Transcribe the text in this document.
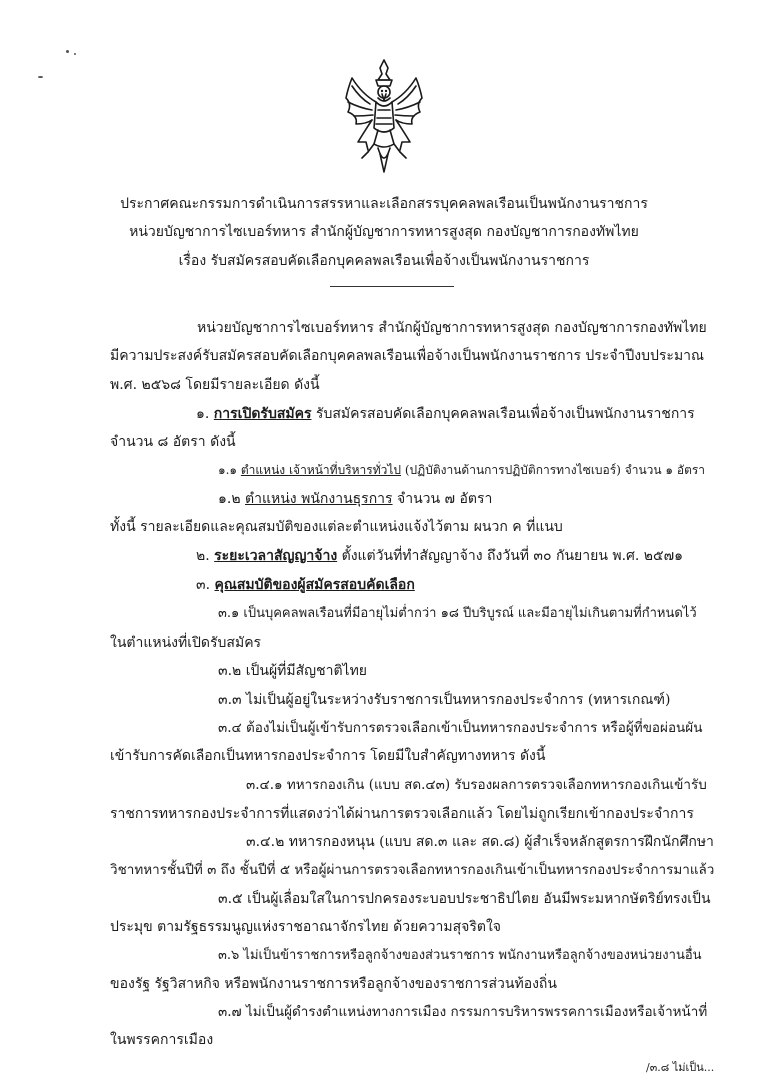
ประกาศคณะกรรมการดำเนินการสรรหาและเลือกสรรบุคคลพลเรือนเป็นพนักงานราชการ
หน่วยบัญชาการไซเบอร์ทหาร สำนักผู้บัญชาการทหารสูงสุด กองบัญชาการกองทัพไทย
เรื่อง รับสมัครสอบคัดเลือกบุคคลพลเรือนเพื่อจ้างเป็นพนักงานราชการ
หน่วยบัญชาการไซเบอร์ทหาร สำนักผู้บัญชาการทหารสูงสุด กองบัญชาการกองทัพไทย
มีความประสงค์รับสมัครสอบคัดเลือกบุคคลพลเรือนเพื่อจ้างเป็นพนักงานราชการ ประจำปีงบประมาณ
พ.ศ. ๒๕๖๘ โดยมีรายละเอียด ดังนี้
๑. การเปิดรับสมัคร รับสมัครสอบคัดเลือกบุคคลพลเรือนเพื่อจ้างเป็นพนักงานราชการ
จำนวน ๘ อัตรา ดังนี้
๑.๑ ตำแหน่ง เจ้าหน้าที่บริหารทั่วไป (ปฏิบัติงานด้านการปฏิบัติการทางไซเบอร์) จำนวน ๑ อัตรา
๑.๒ ตำแหน่ง พนักงานธุรการ จำนวน ๗ อัตรา
ทั้งนี้ รายละเอียดและคุณสมบัติของแต่ละตำแหน่งแจ้งไว้ตาม ผนวก ค ที่แนบ
๒. ระยะเวลาสัญญาจ้าง ตั้งแต่วันที่ทำสัญญาจ้าง ถึงวันที่ ๓๐ กันยายน พ.ศ. ๒๕๗๑
๓. คุณสมบัติของผู้สมัครสอบคัดเลือก
๓.๑ เป็นบุคคลพลเรือนที่มีอายุไม่ต่ำกว่า ๑๘ ปีบริบูรณ์ และมีอายุไม่เกินตามที่กำหนดไว้
ในตำแหน่งที่เปิดรับสมัคร
๓.๒ เป็นผู้ที่มีสัญชาติไทย
๓.๓ ไม่เป็นผู้อยู่ในระหว่างรับราชการเป็นทหารกองประจำการ (ทหารเกณฑ์)
๓.๔ ต้องไม่เป็นผู้เข้ารับการตรวจเลือกเข้าเป็นทหารกองประจำการ หรือผู้ที่ขอผ่อนผัน
เข้ารับการคัดเลือกเป็นทหารกองประจำการ โดยมีใบสำคัญทางทหาร ดังนี้
๓.๔.๑ ทหารกองเกิน (แบบ สด.๔๓) รับรองผลการตรวจเลือกทหารกองเกินเข้ารับ
ราชการทหารกองประจำการที่แสดงว่าได้ผ่านการตรวจเลือกแล้ว โดยไม่ถูกเรียกเข้ากองประจำการ
๓.๔.๒ ทหารกองหนุน (แบบ สด.๓ และ สด.๘) ผู้สำเร็จหลักสูตรการฝึกนักศึกษา
วิชาทหารชั้นปีที่ ๓ ถึง ชั้นปีที่ ๕ หรือผู้ผ่านการตรวจเลือกทหารกองเกินเข้าเป็นทหารกองประจำการมาแล้ว
๓.๕ เป็นผู้เลื่อมใสในการปกครองระบอบประชาธิปไตย อันมีพระมหากษัตริย์ทรงเป็น
ประมุข ตามรัฐธรรมนูญแห่งราชอาณาจักรไทย ด้วยความสุจริตใจ
๓.๖ ไม่เป็นข้าราชการหรือลูกจ้างของส่วนราชการ พนักงานหรือลูกจ้างของหน่วยงานอื่น
ของรัฐ รัฐวิสาหกิจ หรือพนักงานราชการหรือลูกจ้างของราชการส่วนท้องถิ่น
๓.๗ ไม่เป็นผู้ดำรงตำแหน่งทางการเมือง กรรมการบริหารพรรคการเมืองหรือเจ้าหน้าที่
ในพรรคการเมือง
/๓.๘ ไม่เป็น...
